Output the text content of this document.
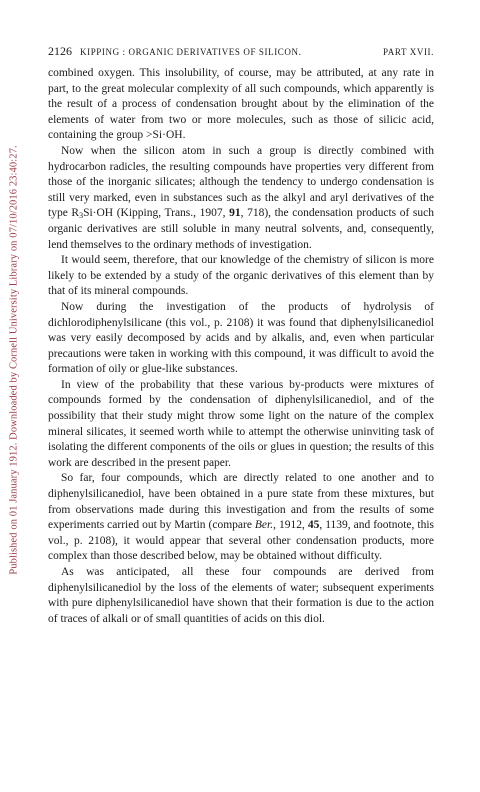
Published on 01 January 1912. Downloaded by Cornell University Library on 07/10/2016 23:40:27.
2126 KIPPING : ORGANIC DERIVATIVES OF SILICON.	PART XVII.

combined oxygen. This insolubility, of course, may be attributed, at any rate in part, to the great molecular complexity of all such compounds, which apparently is the result of a process of condensation brought about by the elimination of the elements of water from two or more molecules, such as those of silicic acid, containing the group >Si·OH.

Now when the silicon atom in such a group is directly combined with hydrocarbon radicles, the resulting compounds have properties very different from those of the inorganic silicates; although the tendency to undergo condensation is still very marked, even in substances such as the alkyl and aryl derivatives of the type $R_3Si\cdot OH$ (Kipping, Trans., 1907, 91, 718), the condensation products of such organic derivatives are still soluble in many neutral solvents, and, consequently, lend themselves to the ordinary methods of investigation.

It would seem, therefore, that our knowledge of the chemistry of silicon is more likely to be extended by a study of the organic derivatives of this element than by that of its mineral compounds.

Now during the investigation of the products of hydrolysis of dichlorodiphenylsilicane (this vol., p. 2108) it was found that diphenylsilicanediol was very easily decomposed by acids and by alkalis, and, even when particular precautions were taken in working with this compound, it was difficult to avoid the formation of oily or glue-like substances.

In view of the probability that these various by-products were mixtures of compounds formed by the condensation of diphenylsilicanediol, and of the possibility that their study might throw some light on the nature of the complex mineral silicates, it seemed worth while to attempt the otherwise uninviting task of isolating the different components of the oils or glues in question; the results of this work are described in the present paper.

So far, four compounds, which are directly related to one another and to diphenylsilicanediol, have been obtained in a pure state from these mixtures, but from observations made during this investigation and from the results of some experiments carried out by Martin (compare Ber., 1912, 45, 1139, and footnote, this vol., p. 2108), it would appear that several other condensation products, more complex than those described below, may be obtained without difficulty.

As was anticipated, all these four compounds are derived from diphenylsilicanediol by the loss of the elements of water; subsequent experiments with pure diphenylsilicanediol have shown that their formation is due to the action of traces of alkali or of small quantities of acids on this diol.
